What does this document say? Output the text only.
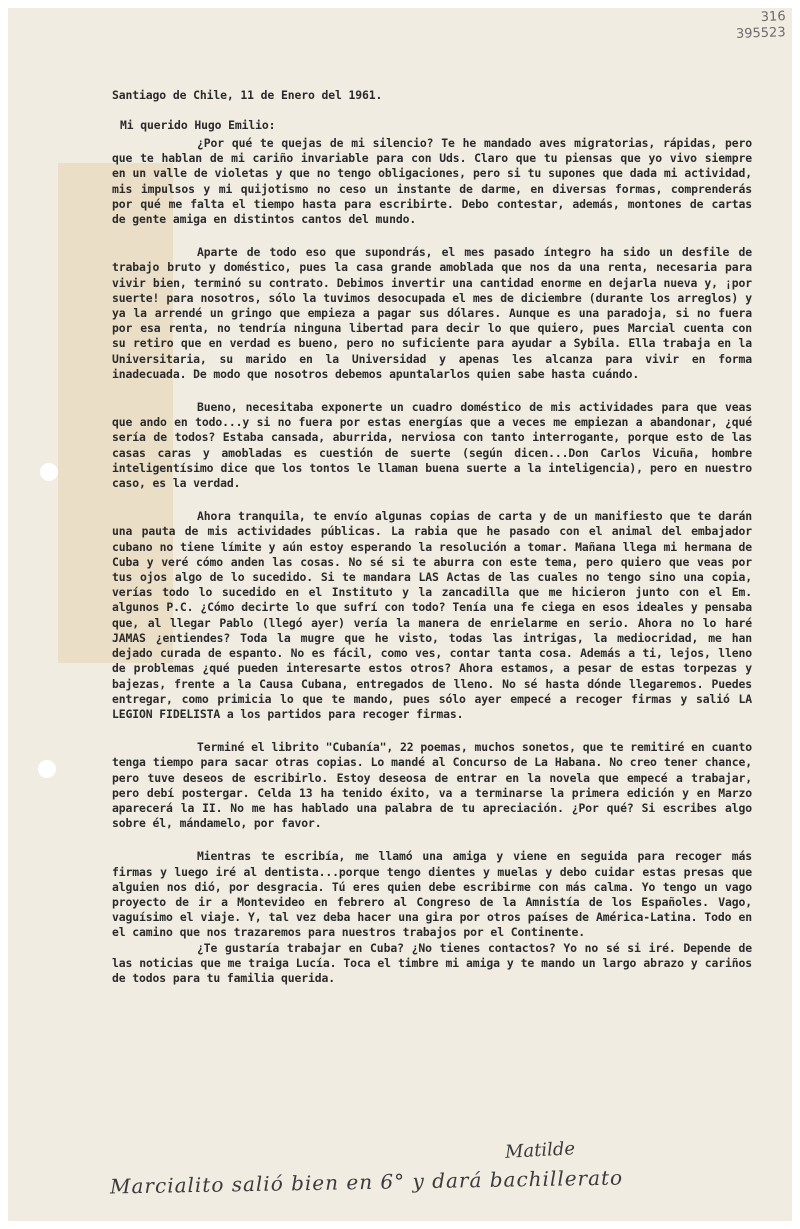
316
395523
Santiago de Chile, 11 de Enero del 1961.
Mi querido Hugo Emilio:

¿Por qué te quejas de mi silencio? Te he mandado aves migratorias, rápidas, pero que te hablan de mi cariño invariable para con Uds. Claro que tu piensas que yo vivo siempre en un valle de violetas y que no tengo obligaciones, pero si tu supones que dada mi actividad, mis impulsos y mi quijotismo no ceso un instante de darme, en diversas formas, comprenderás por qué me falta el tiempo hasta para escribirte. Debo contestar, además, montones de cartas de gente amiga en distintos cantos del mundo.

Aparte de todo eso que supondrás, el mes pasado íntegro ha sido un desfile de trabajo bruto y doméstico, pues la casa grande amoblada que nos da una renta, necesaria para vivir bien, terminó su contrato. Debimos invertir una cantidad enorme en dejarla nueva y, ¡por suerte! para nosotros, sólo la tuvimos desocupada el mes de diciembre (durante los arreglos) y ya la arrendé un gringo que empieza a pagar sus dólares. Aunque es una paradoja, si no fuera por esa renta, no tendría ninguna libertad para decir lo que quiero, pues Marcial cuenta con su retiro que en verdad es bueno, pero no suficiente para ayudar a Sybila. Ella trabaja en la Universitaria, su marido en la Universidad y apenas les alcanza para vivir en forma inadecuada. De modo que nosotros debemos apuntalarlos quien sabe hasta cuándo.

Bueno, necesitaba exponerte un cuadro doméstico de mis actividades para que veas que ando en todo...y si no fuera por estas energías que a veces me empiezan a abandonar, ¿qué sería de todos? Estaba cansada, aburrida, nerviosa con tanto interrogante, porque esto de las casas caras y amobladas es cuestión de suerte (según dicen...Don Carlos Vicuña, hombre inteligentísimo dice que los tontos le llaman buena suerte a la inteligencia), pero en nuestro caso, es la verdad.

Ahora tranquila, te envío algunas copias de carta y de un manifiesto que te darán una pauta de mis actividades públicas. La rabia que he pasado con el animal del embajador cubano no tiene límite y aún estoy esperando la resolución a tomar. Mañana llega mi hermana de Cuba y veré cómo anden las cosas. No sé si te aburra con este tema, pero quiero que veas por tus ojos algo de lo sucedido. Si te mandara LAS Actas de las cuales no tengo sino una copia, verías todo lo sucedido en el Instituto y la zancadilla que me hicieron junto con el Em. algunos P.C. ¿Cómo decirte lo que sufrí con todo? Tenía una fe ciega en esos ideales y pensaba que, al llegar Pablo (llegó ayer) vería la manera de enrielarme en serio. Ahora no lo haré JAMAS ¿entiendes? Toda la mugre que he visto, todas las intrigas, la mediocridad, me han dejado curada de espanto. No es fácil, como ves, contar tanta cosa. Además a ti, lejos, lleno de problemas ¿qué pueden interesarte estos otros? Ahora estamos, a pesar de estas torpezas y bajezas, frente a la Causa Cubana, entregados de lleno. No sé hasta dónde llegaremos. Puedes entregar, como primicia lo que te mando, pues sólo ayer empecé a recoger firmas y salió LA LEGION FIDELISTA a los partidos para recoger firmas.

Terminé el librito "Cubanía", 22 poemas, muchos sonetos, que te remitiré en cuanto tenga tiempo para sacar otras copias. Lo mandé al Concurso de La Habana. No creo tener chance, pero tuve deseos de escribirlo. Estoy deseosa de entrar en la novela que empecé a trabajar, pero debí postergar. Celda 13 ha tenido éxito, va a terminarse la primera edición y en Marzo aparecerá la II. No me has hablado una palabra de tu apreciación. ¿Por qué? Si escribes algo sobre él, mándamelo, por favor.

Mientras te escribía, me llamó una amiga y viene en seguida para recoger más firmas y luego iré al dentista...porque tengo dientes y muelas y debo cuidar estas presas que alguien nos dió, por desgracia. Tú eres quien debe escribirme con más calma. Yo tengo un vago proyecto de ir a Montevideo en febrero al Congreso de la Amnistía de los Españoles. Vago, vaguísimo el viaje. Y, tal vez deba hacer una gira por otros países de América-Latina. Todo en el camino que nos trazaremos para nuestros trabajos por el Continente.

¿Te gustaría trabajar en Cuba? ¿No tienes contactos? Yo no sé si iré. Depende de las noticias que me traiga Lucía. Toca el timbre mi amiga y te mando un largo abrazo y cariños de todos para tu familia querida.

Matilde
Marcialito salió bien en 6° y dará bachillerato
